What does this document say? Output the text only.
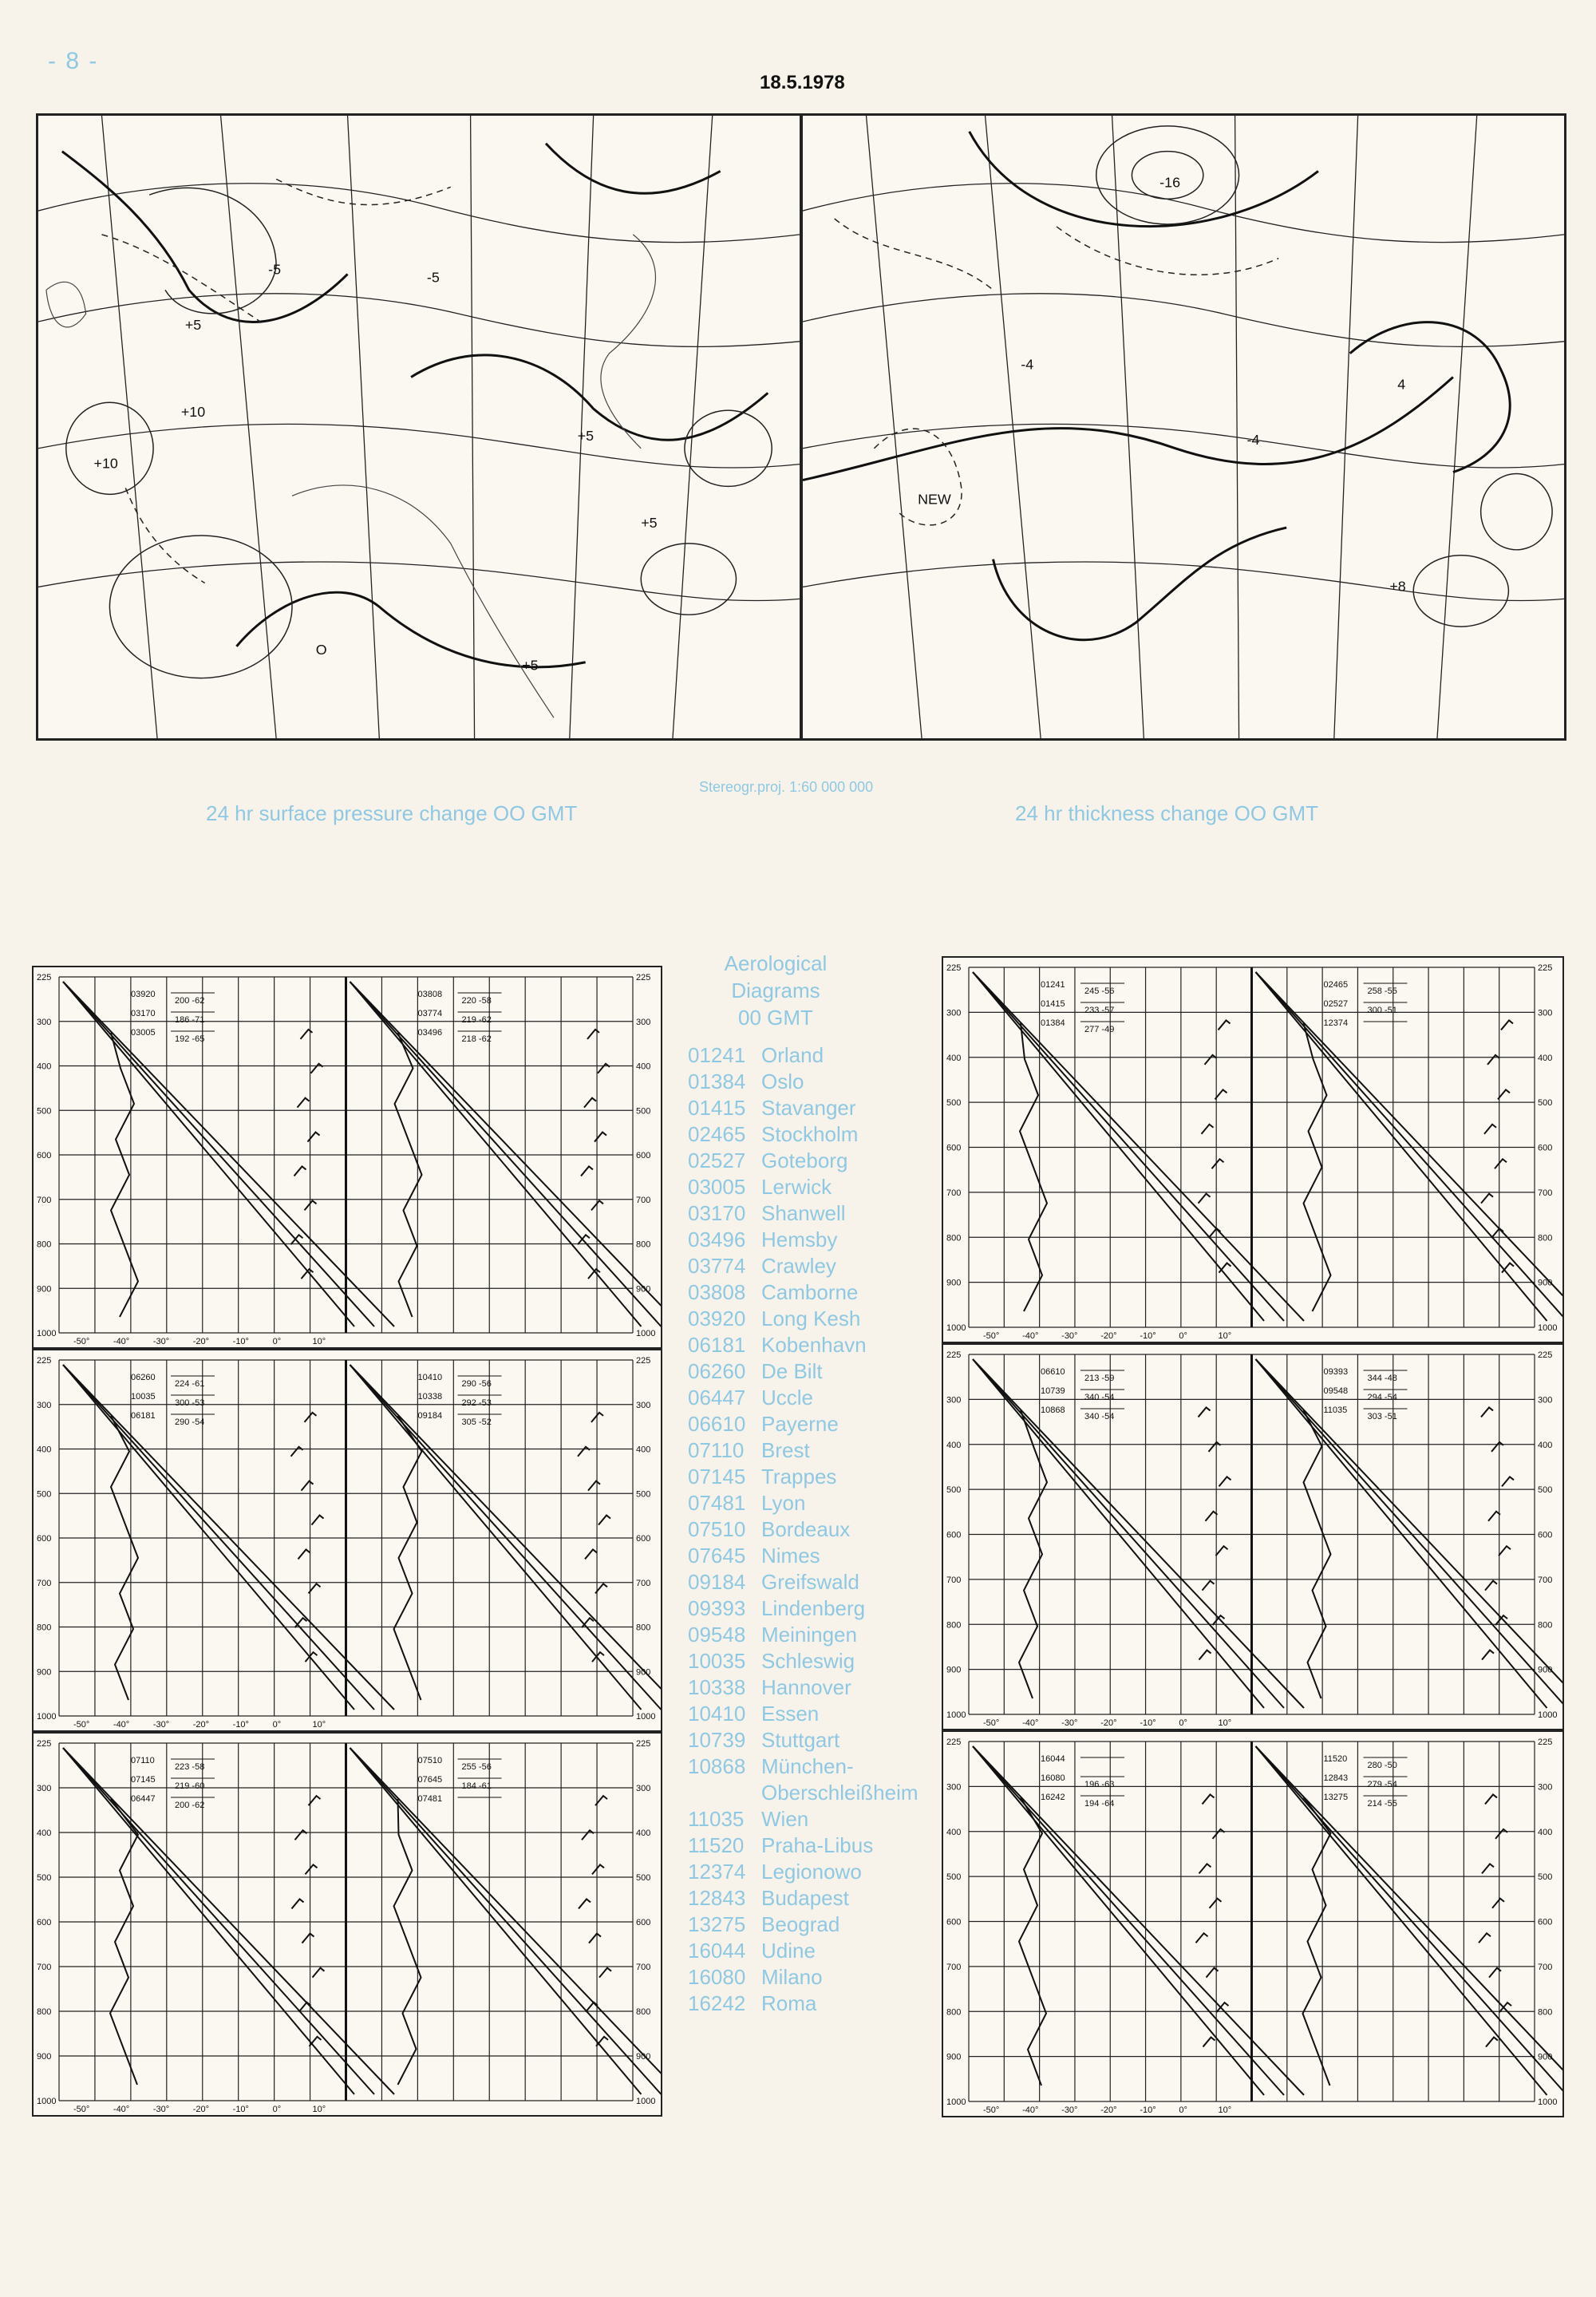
- 8 -
18.5.1978
+5
-5
+10
-5
+5
+5
+10
O
+5
-16
-4
4
NEW
+8
-4
Stereogr.proj. 1:60 000 000
24 hr surface pressure change OO GMT	24 hr thickness change OO GMT
225	225
300	300
400	400
500	500
600	600
700	700
800	800
900	900
1000	1000
-50°	-40°	-30°	-20°	-10°	0°	10°
03920
200 -62
03170
186 -71
03005
192 -65
03808
220 -58
03774
219 -62
03496
218 -62
225	225
300	300
400	400
500	500
600	600
700	700
800	800
900	900
1000	1000
-50°	-40°	-30°	-20°	-10°	0°	10°
06260
224 -61
10035
300 -53
06181
290 -54
10410
290 -56
10338
292 -53
09184
305 -52
225	225
300	300
400	400
500	500
600	600
700	700
800	800
900	900
1000	1000
-50°	-40°	-30°	-20°	-10°	0°	10°
07110
223 -58
07145
219 -60
06447
200 -62
07510
255 -56
07645
184 -61
07481
225	225
300	300
400	400
500	500
600	600
700	700
800	800
900	900
1000	1000
-50°	-40°	-30°	-20°	-10°	0°	10°
01241
245 -56
01415
233 -57
01384
277 -49
02465
258 -55
02527
300 -51
12374
225	225
300	300
400	400
500	500
600	600
700	700
800	800
900	900
1000	1000
-50°	-40°	-30°	-20°	-10°	0°	10°
06610
213 -59
10739
340 -54
10868
340 -54
09393
344 -48
09548
294 -54
11035
303 -51
225	225
300	300
400	400
500	500
600	600
700	700
800	800
900	900
1000	1000
-50°	-40°	-30°	-20°	-10°	0°	10°
16044
16080
196 -63
16242
194 -64
11520
280 -50
12843
279 -54
13275
214 -55
Aerological
Diagrams
00 GMT
01241 Orland
01384 Oslo
01415 Stavanger
02465 Stockholm
02527 Goteborg
03005 Lerwick
03170 Shanwell
03496 Hemsby
03774 Crawley
03808 Camborne
03920 Long Kesh
06181 Kobenhavn
06260 De Bilt
06447 Uccle
06610 Payerne
07110 Brest
07145 Trappes
07481 Lyon
07510 Bordeaux
07645 Nimes
09184 Greifswald
09393 Lindenberg
09548 Meiningen
10035 Schleswig
10338 Hannover
10410 Essen
10739 Stuttgart
10868 München-
Oberschleißheim
11035 Wien
11520 Praha-Libus
12374 Legionowo
12843 Budapest
13275 Beograd
16044 Udine
16080 Milano
16242 Roma
